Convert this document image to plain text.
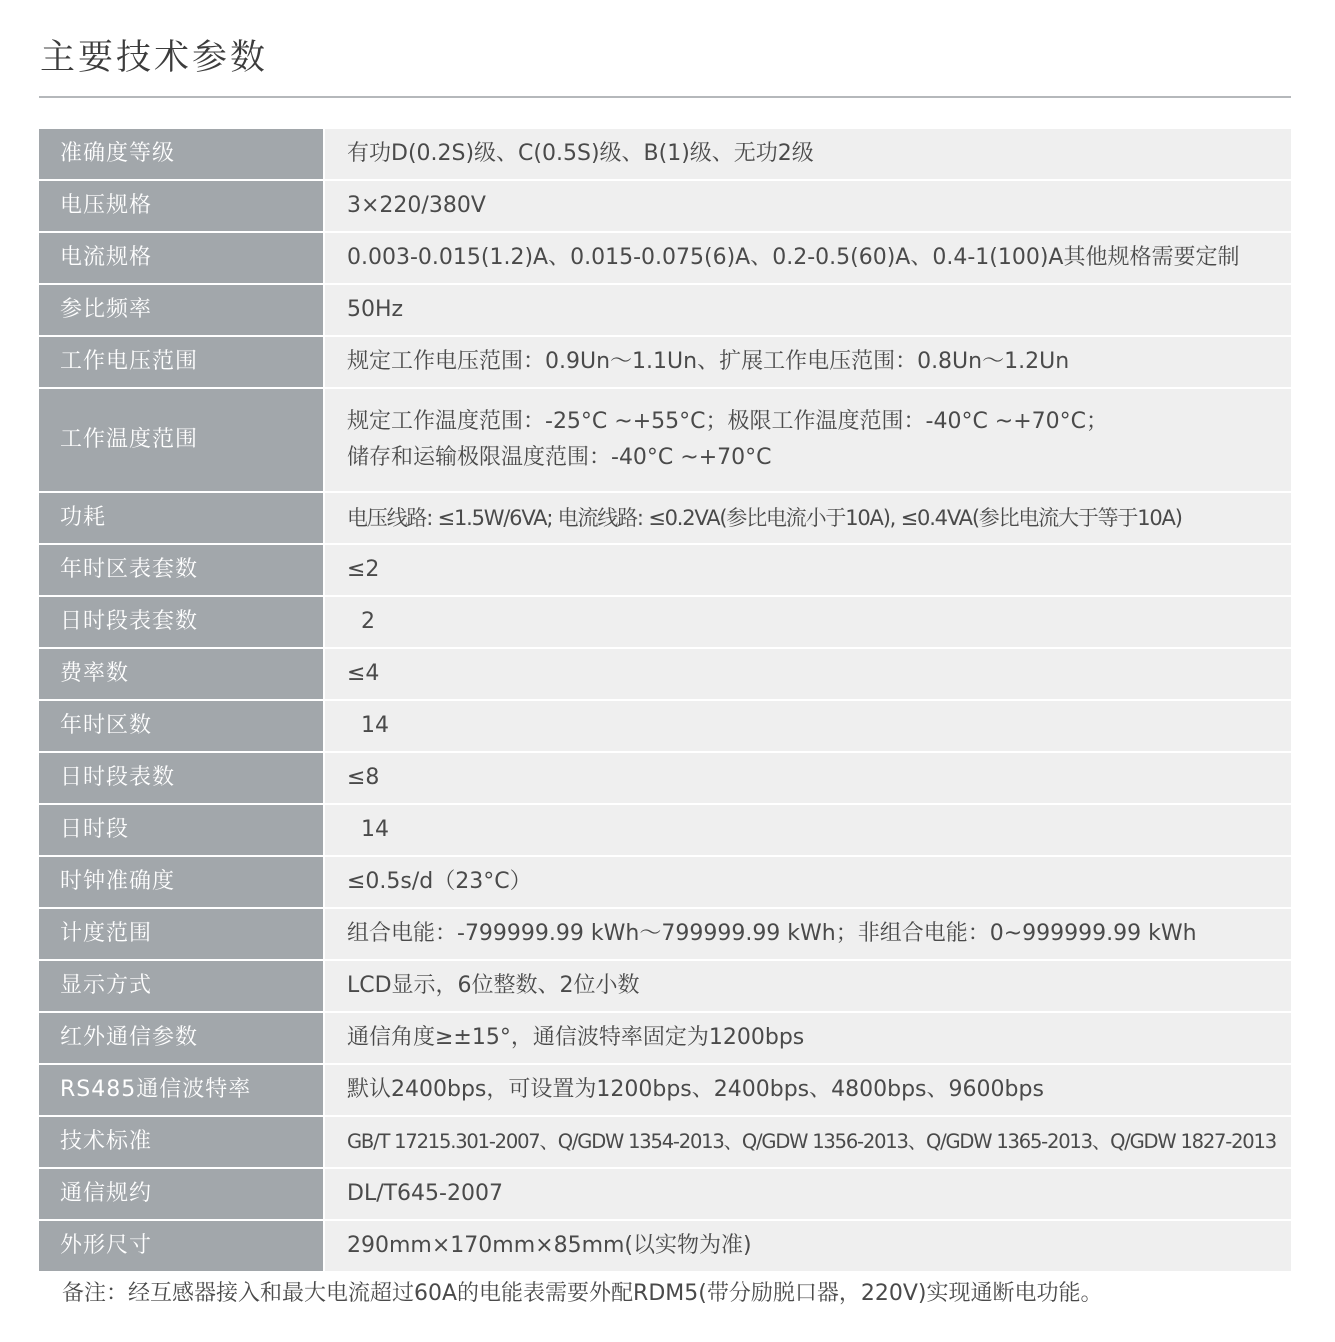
主要技术参数
准确度等级	有功D(0.2S)级、C(0.5S)级、B(1)级、无功2级
电压规格	3×220/380V
电流规格	0.003-0.015(1.2)A、0.015-0.075(6)A、0.2-0.5(60)A、0.4-1(100)A其他规格需要定制
参比频率	50Hz
工作电压范围	规定工作电压范围：0.9Un～1.1Un、扩展工作电压范围：0.8Un～1.2Un
工作温度范围	规定工作温度范围：-25°C ~+55°C；极限工作温度范围：-40°C ~+70°C；
储存和运输极限温度范围：-40°C ~+70°C

功耗	电压线路: ≤1.5W/6VA; 电流线路: ≤0.2VA(参比电流小于10A), ≤0.4VA(参比电流大于等于10A)
年时区表套数	≤2
日时段表套数	2
费率数	≤4
年时区数	14
日时段表数	≤8
日时段	14
时钟准确度	≤0.5s/d（23°C）
计度范围	组合电能：-799999.99 kWh～799999.99 kWh；非组合电能：0~999999.99 kWh
显示方式	LCD显示，6位整数、2位小数
红外通信参数	通信角度≥±15°，通信波特率固定为1200bps
RS485通信波特率	默认2400bps，可设置为1200bps、2400bps、4800bps、9600bps
技术标准	GB/T 17215.301-2007、Q/GDW 1354-2013、Q/GDW 1356-2013、Q/GDW 1365-2013、Q/GDW 1827-2013
通信规约	DL/T645-2007
外形尺寸	290mm×170mm×85mm(以实物为准)
备注：经互感器接入和最大电流超过60A的电能表需要外配RDM5(带分励脱口器，220V)实现通断电功能。
